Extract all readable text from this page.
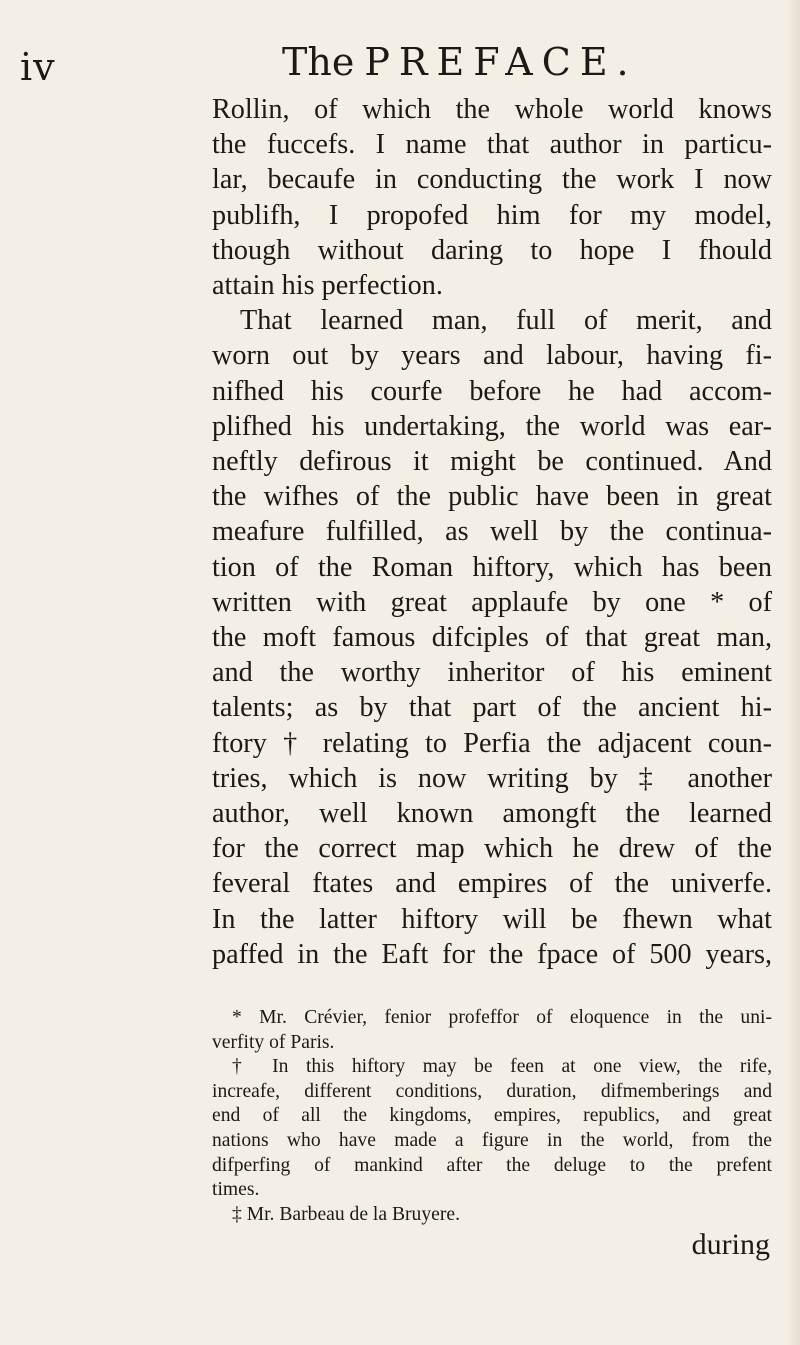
iv	The PREFACE.
Rollin, of which the whole world knows
the fuccefs. I name that author in particu-
lar, becaufe in conducting the work I now
publifh, I propofed him for my model,
though without daring to hope I fhould
attain his perfection.
That learned man, full of merit, and
worn out by years and labour, having fi-
nifhed his courfe before he had accom-
plifhed his undertaking, the world was ear-
neftly defirous it might be continued. And
the wifhes of the public have been in great
meafure fulfilled, as well by the continua-
tion of the Roman hiftory, which has been
written with great applaufe by one * of
the moft famous difciples of that great man,
and the worthy inheritor of his eminent
talents; as by that part of the ancient hi-
ftory † relating to Perfia the adjacent coun-
tries, which is now writing by ‡ another
author, well known amongft the learned
for the correct map which he drew of the
feveral ftates and empires of the univerfe.
In the latter hiftory will be fhewn what
paffed in the Eaft for the fpace of 500 years,
* Mr. Crévier, fenior profeffor of eloquence in the uni-
verfity of Paris.
† In this hiftory may be feen at one view, the rife,
increafe, different conditions, duration, difmemberings and
end of all the kingdoms, empires, republics, and great
nations who have made a figure in the world, from the
difperfing of mankind after the deluge to the prefent
times.
‡ Mr. Barbeau de la Bruyere.
during
